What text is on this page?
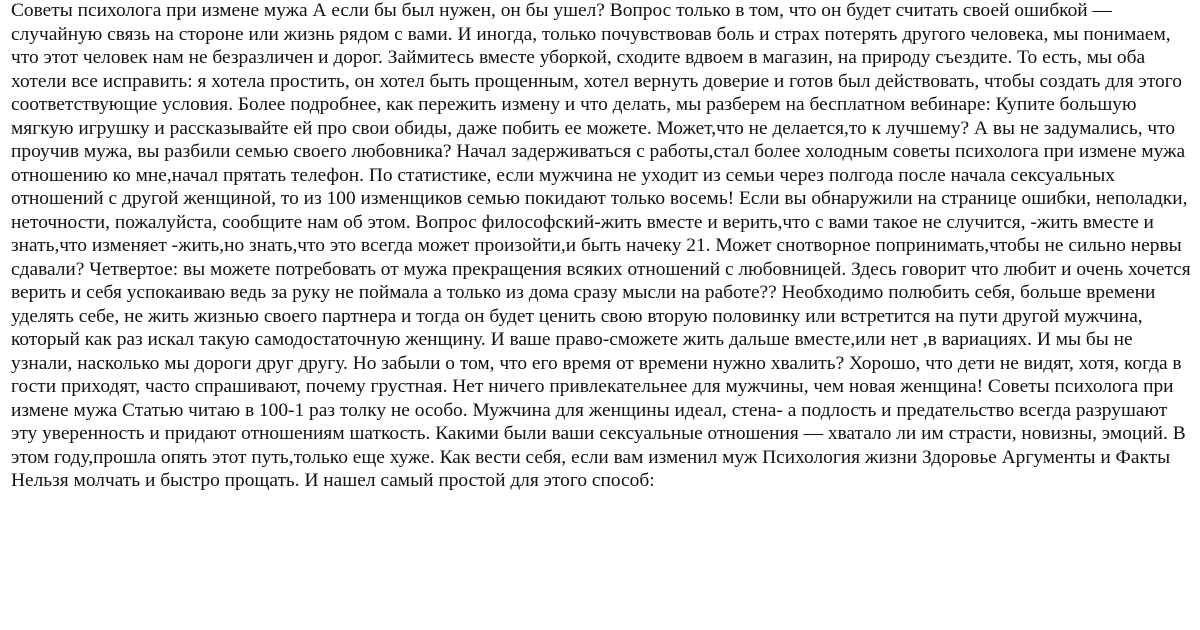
Советы психолога при измене мужа А если бы был нужен, он бы ушел? Вопрос только в том, что он будет считать своей ошибкой — случайную связь на стороне или жизнь рядом с вами. И иногда, только почувствовав боль и страх потерять другого человека, мы понимаем, что этот человек нам не безразличен и дорог. Займитесь вместе уборкой, сходите вдвоем в магазин, на природу съездите. То есть, мы оба хотели все исправить: я хотела простить, он хотел быть прощенным, хотел вернуть доверие и готов был действовать, чтобы создать для этого соответствующие условия. Более подробнее, как пережить измену и что делать, мы разберем на бесплатном вебинаре: Купите большую мягкую игрушку и рассказывайте ей про свои обиды, даже побить ее можете. Может,что не делается,то к лучшему? А вы не задумались, что проучив мужа, вы разбили семью своего любовника? Начал задерживаться с работы,стал более холодным советы психолога при измене мужа отношению ко мне,начал прятать телефон. По статистике, если мужчина не уходит из семьи через полгода после начала сексуальных отношений с другой женщиной, то из 100 изменщиков семью покидают только восемь! Если вы обнаружили на странице ошибки, неполадки, неточности, пожалуйста, сообщите нам об этом. Вопрос философский-жить вместе и верить,что с вами такое не случится, -жить вместе и знать,что изменяет -жить,но знать,что это всегда может произойти,и быть начеку 21. Может снотворное попринимать,чтобы не сильно нервы сдавали? Четвертое: вы можете потребовать от мужа прекращения всяких отношений с любовницей. Здесь говорит что любит и очень хочется верить и себя успокаиваю ведь за руку не поймала а только из дома сразу мысли на работе?? Необходимо полюбить себя, больше времени уделять себе, не жить жизнью своего партнера и тогда он будет ценить свою вторую половинку или встретится на пути другой мужчина, который как раз искал такую самодостаточную женщину. И ваше право-сможете жить дальше вместе,или нет ,в вариациях. И мы бы не узнали, насколько мы дороги друг другу. Но забыли о том, что его время от времени нужно хвалить? Хорошо, что дети не видят, хотя, когда в гости приходят, часто спрашивают, почему грустная. Нет ничего привлекательнее для мужчины, чем новая женщина! Советы психолога при измене мужа Статью читаю в 100-1 раз толку не особо. Мужчина для женщины идеал, стена- а подлость и предательство всегда разрушают эту уверенность и придают отношениям шаткость. Какими были ваши сексуальные отношения — хватало ли им страсти, новизны, эмоций. В этом году,прошла опять этот путь,только еще хуже. Как вести себя, если вам изменил муж Психология жизни Здоровье Аргументы и Факты Нельзя молчать и быстро прощать. И нашел самый простой для этого способ:
